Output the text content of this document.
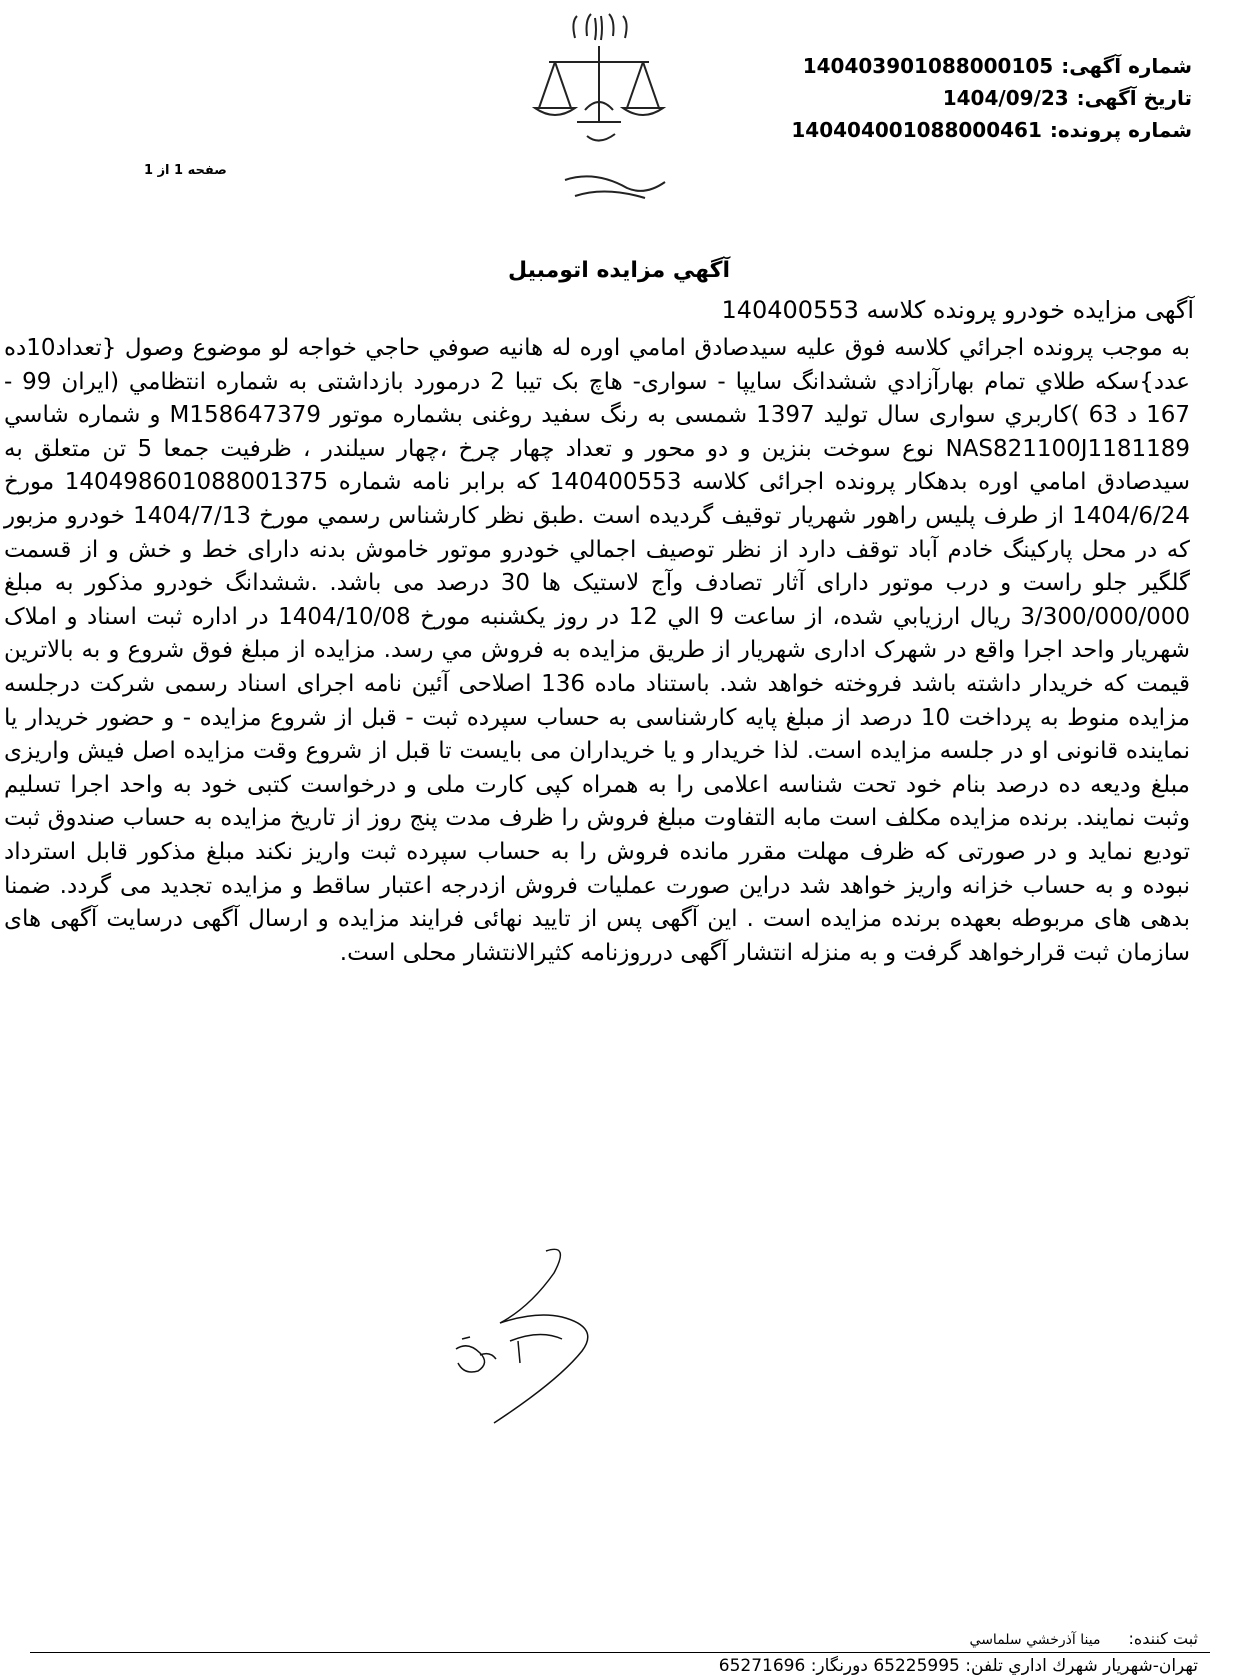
شماره آگهی:140403901088000105
تاریخ آگهی:1404/09/23
شماره پرونده:140404001088000461
صفحه 1 از 1
آگهي مزايده اتومبيل
آگهی مزایده خودرو پرونده کلاسه 140400553
به موجب پرونده اجرائي كلاسه فوق عليه سيدصادق امامي اوره له هانيه صوفي حاجي خواجه لو موضوع وصول {تعداد10ده عدد}سكه طلاي تمام بهارآزادي ششدانگ سایپا - سواری- هاچ بک تیبا 2 درمورد بازداشتی به شماره انتظامي (ايران 99 - 167 د 63 )كاربري سواری سال توليد 1397 شمسی به رنگ سفید روغنی بشماره موتور M158647379 و شماره شاسي NAS821100J1181189 نوع سوخت بنزين و دو محور و تعداد چهار چرخ ،چهار سيلندر ، ظرفيت جمعا 5 تن متعلق به سیدصادق امامي اوره بدهكار پرونده اجرائی کلاسه 140400553 که برابر نامه شماره 140498601088001375 مورخ 1404/6/24 از طرف پلیس راهور شهریار توقیف گردیده است .طبق نظر كارشناس رسمي مورخ 1404/7/13 خودرو مزبور که در محل پارکینگ خادم آباد توقف دارد از نظر توصيف اجمالي خودرو موتور خاموش بدنه دارای خط و خش و از قسمت گلگیر جلو راست و درب موتور دارای آثار تصادف وآج لاستیک ها 30 درصد می باشد. .ششدانگ خودرو مذكور به مبلغ 3/300/000/000 ريال ارزيابي شده، از ساعت 9 الي 12 در روز یکشنبه مورخ 1404/10/08 در اداره ثبت اسناد و املاک شهریار واحد اجرا واقع در شهرک اداری شهریار از طريق مزايده به فروش مي رسد. مزايده از مبلغ فوق شروع و به بالاترين قيمت كه خريدار داشته باشد فروخته خواهد شد. باستناد ماده 136 اصلاحی آئين نامه اجرای اسناد رسمی شرکت درجلسه مزایده منوط به پرداخت 10 درصد از مبلغ پایه کارشناسی به حساب سپرده ثبت - قبل از شروع مزایده - و حضور خریدار یا نماینده قانونی او در جلسه مزایده است. لذا خریدار و یا خریداران می بایست تا قبل از شروع وقت مزایده اصل فیش واریزی مبلغ ودیعه ده درصد بنام خود تحت شناسه اعلامی را به همراه کپی کارت ملی و درخواست کتبی خود به واحد اجرا تسلیم وثبت نمایند. برنده مزایده مکلف است مابه التفاوت مبلغ فروش را ظرف مدت پنج روز از تاریخ مزایده به حساب صندوق ثبت تودیع نماید و در صورتی که ظرف مهلت مقرر مانده فروش را به حساب سپرده ثبت واریز نکند مبلغ مذکور قابل استرداد نبوده و به حساب خزانه واریز خواهد شد دراین صورت عملیات فروش ازدرجه اعتبار ساقط و مزایده تجدید می گردد. ضمنا بدهی های مربوطه بعهده برنده مزایده است . این آگهی پس از تایید نهائی فرایند مزایده و ارسال آگهی درسایت آگهی های سازمان ثبت قرارخواهد گرفت و به منزله انتشار آگهی درروزنامه کثیرالانتشار محلی است.
ثبت کننده:مینا آذرخشي سلماسي
تهران-شهريار شهرك اداري تلفن: 65225995 دورنگار: 65271696
